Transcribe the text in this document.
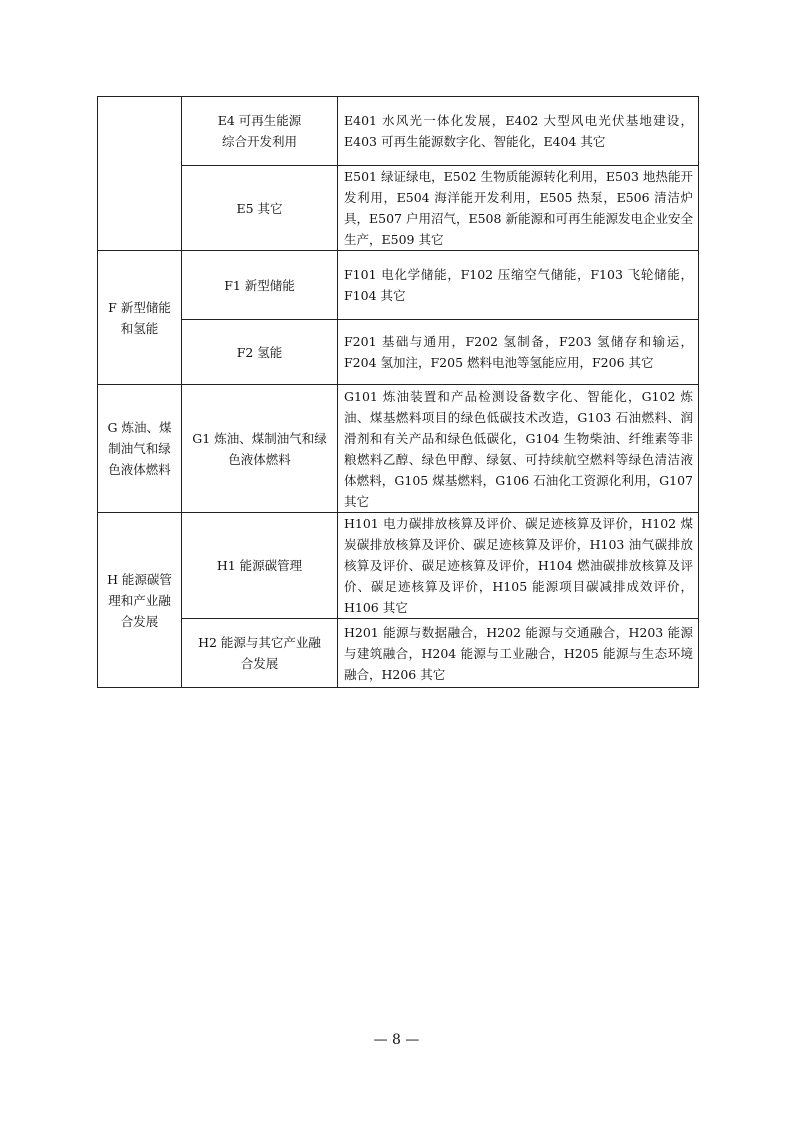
	E4 可再生能源综合开发利用	E401 水风光一体化发展，E402 大型风电光伏基地建设，E403 可再生能源数字化、智能化，E404 其它

	E5 其它	E501 绿证绿电，E502 生物质能源转化利用，E503 地热能开发利用，E504 海洋能开发利用，E505 热泵，E506 清洁炉具，E507 户用沼气，E508 新能源和可再生能源发电企业安全生产，E509 其它

F 新型储能和氢能	F1 新型储能	F101 电化学储能，F102 压缩空气储能，F103 飞轮储能，F104 其它

	F2 氢能	F201 基础与通用，F202 氢制备，F203 氢储存和输运，F204 氢加注，F205 燃料电池等氢能应用，F206 其它

G 炼油、煤制油气和绿色液体燃料	G1 炼油、煤制油气和绿色液体燃料	G101 炼油装置和产品检测设备数字化、智能化，G102 炼油、煤基燃料项目的绿色低碳技术改造，G103 石油燃料、润滑剂和有关产品和绿色低碳化，G104 生物柴油、纤维素等非粮燃料乙醇、绿色甲醇、绿氨、可持续航空燃料等绿色清洁液体燃料，G105 煤基燃料，G106 石油化工资源化利用，G107 其它

H 能源碳管理和产业融合发展	H1 能源碳管理	H101 电力碳排放核算及评价、碳足迹核算及评价，H102 煤炭碳排放核算及评价、碳足迹核算及评价，H103 油气碳排放核算及评价、碳足迹核算及评价，H104 燃油碳排放核算及评价、碳足迹核算及评价，H105 能源项目碳减排成效评价，H106 其它

	H2 能源与其它产业融合发展	H201 能源与数据融合，H202 能源与交通融合，H203 能源与建筑融合，H204 能源与工业融合，H205 能源与生态环境融合，H206 其它
— 8 —
